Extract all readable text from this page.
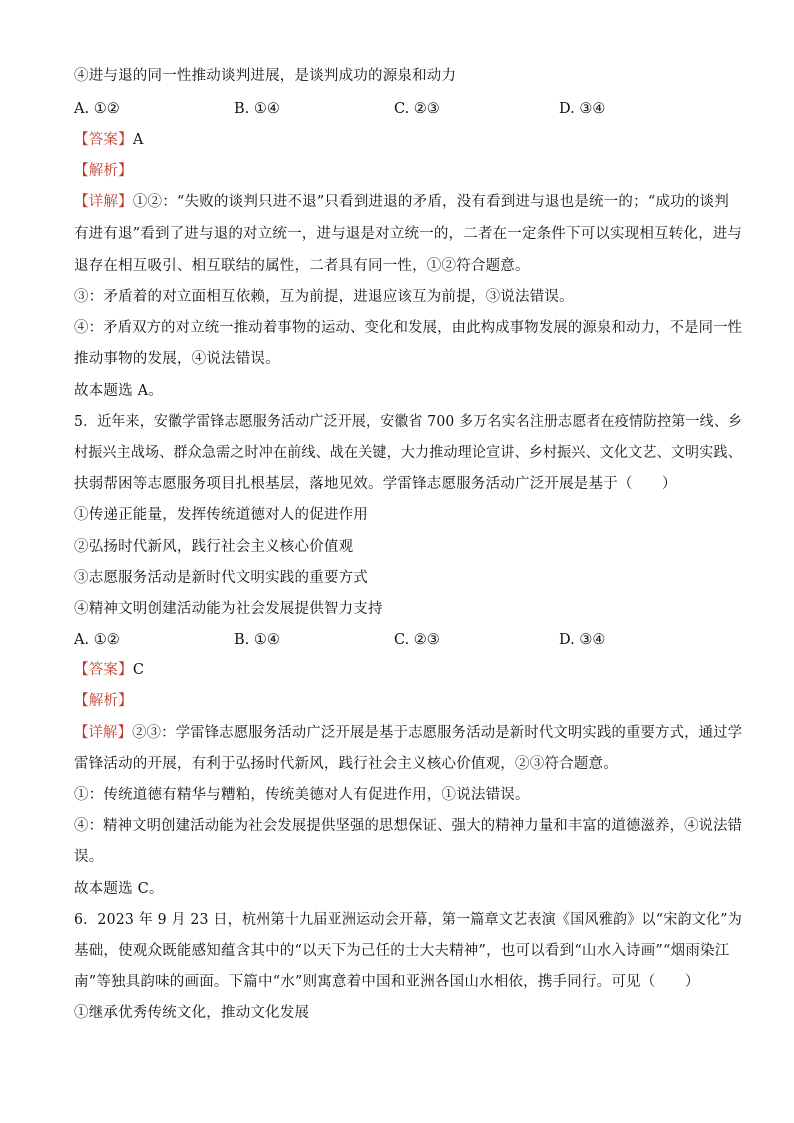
④进与退的同一性推动谈判进展，是谈判成功的源泉和动力
A. ①②	B. ①④	C. ②③	D. ③④
【答案】A
【解析】
【详解】①②：“失败的谈判只进不退”只看到进退的矛盾，没有看到进与退也是统一的；“成功的谈判
有进有退”看到了进与退的对立统一，进与退是对立统一的，二者在一定条件下可以实现相互转化，进与
退存在相互吸引、相互联结的属性，二者具有同一性，①②符合题意。
③：矛盾着的对立面相互依赖，互为前提，进退应该互为前提，③说法错误。
④：矛盾双方的对立统一推动着事物的运动、变化和发展，由此构成事物发展的源泉和动力，不是同一性
推动事物的发展，④说法错误。
故本题选 A。
5．近年来，安徽学雷锋志愿服务活动广泛开展，安徽省 700 多万名实名注册志愿者在疫情防控第一线、乡
村振兴主战场、群众急需之时冲在前线、战在关键，大力推动理论宣讲、乡村振兴、文化文艺、文明实践、
扶弱帮困等志愿服务项目扎根基层，落地见效。学雷锋志愿服务活动广泛开展是基于（　　）
①传递正能量，发挥传统道德对人的促进作用
②弘扬时代新风，践行社会主义核心价值观
③志愿服务活动是新时代文明实践的重要方式
④精神文明创建活动能为社会发展提供智力支持
A. ①②	B. ①④	C. ②③	D. ③④
【答案】C
【解析】
【详解】②③：学雷锋志愿服务活动广泛开展是基于志愿服务活动是新时代文明实践的重要方式，通过学
雷锋活动的开展，有利于弘扬时代新风，践行社会主义核心价值观，②③符合题意。
①：传统道德有精华与糟粕，传统美德对人有促进作用，①说法错误。
④：精神文明创建活动能为社会发展提供坚强的思想保证、强大的精神力量和丰富的道德滋养，④说法错
误。
故本题选 C。
6．2023 年 9 月 23 日，杭州第十九届亚洲运动会开幕，第一篇章文艺表演《国风雅韵》以“宋韵文化”为
基础，使观众既能感知蕴含其中的“以天下为己任的士大夫精神”，也可以看到“山水入诗画”“烟雨染江
南”等独具韵味的画面。下篇中“水”则寓意着中国和亚洲各国山水相依，携手同行。可见（　　）
①继承优秀传统文化，推动文化发展
